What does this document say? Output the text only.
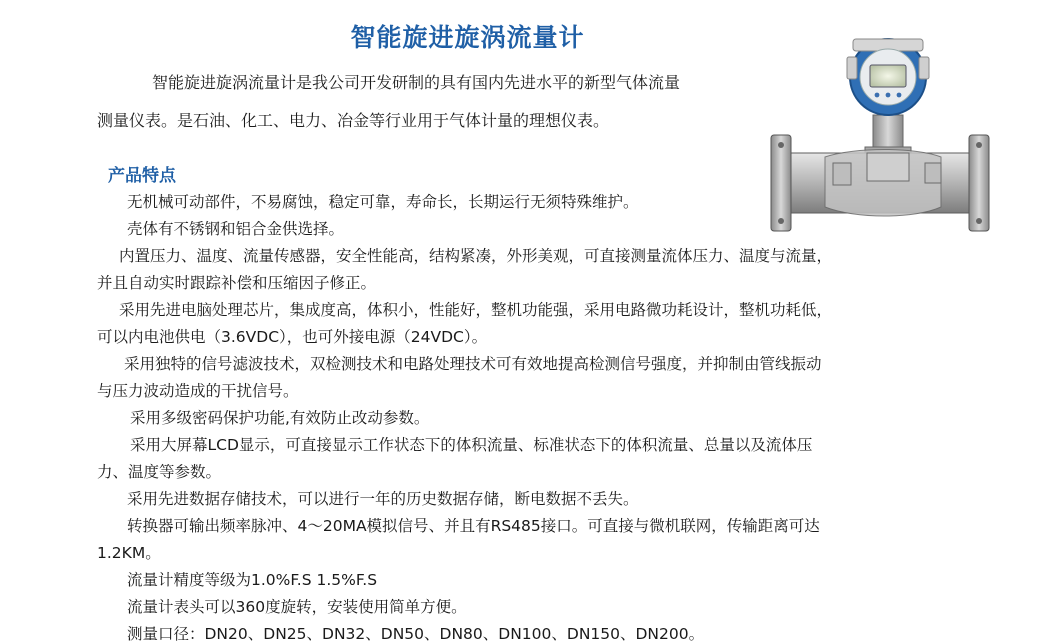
智能旋进旋涡流量计
智能旋进旋涡流量计是我公司开发研制的具有国内先进水平的新型气体流量
测量仪表。是石油、化工、电力、冶金等行业用于气体计量的理想仪表。
产品特点
无机械可动部件，不易腐蚀，稳定可靠，寿命长，长期运行无须特殊维护。
壳体有不锈钢和铝合金供选择。
内置压力、温度、流量传感器，安全性能高，结构紧凑，外形美观，可直接测量流体压力、温度与流量，
并且自动实时跟踪补偿和压缩因子修正。
采用先进电脑处理芯片，集成度高，体积小，性能好，整机功能强，采用电路微功耗设计，整机功耗低，
可以内电池供电（3.6VDC），也可外接电源（24VDC）。
采用独特的信号滤波技术，双检测技术和电路处理技术可有效地提高检测信号强度，并抑制由管线振动
与压力波动造成的干扰信号。
采用多级密码保护功能,有效防止改动参数。
采用大屏幕LCD显示，可直接显示工作状态下的体积流量、标准状态下的体积流量、总量以及流体压
力、温度等参数。
采用先进数据存储技术，可以进行一年的历史数据存储，断电数据不丢失。
转换器可输出频率脉冲、4～20MA模拟信号、并且有RS485接口。可直接与微机联网，传输距离可达
1.2KM。
流量计精度等级为1.0%F.S 1.5%F.S
流量计表头可以360度旋转，安装使用简单方便。
测量口径：DN20、DN25、DN32、DN50、DN80、DN100、DN150、DN200。
